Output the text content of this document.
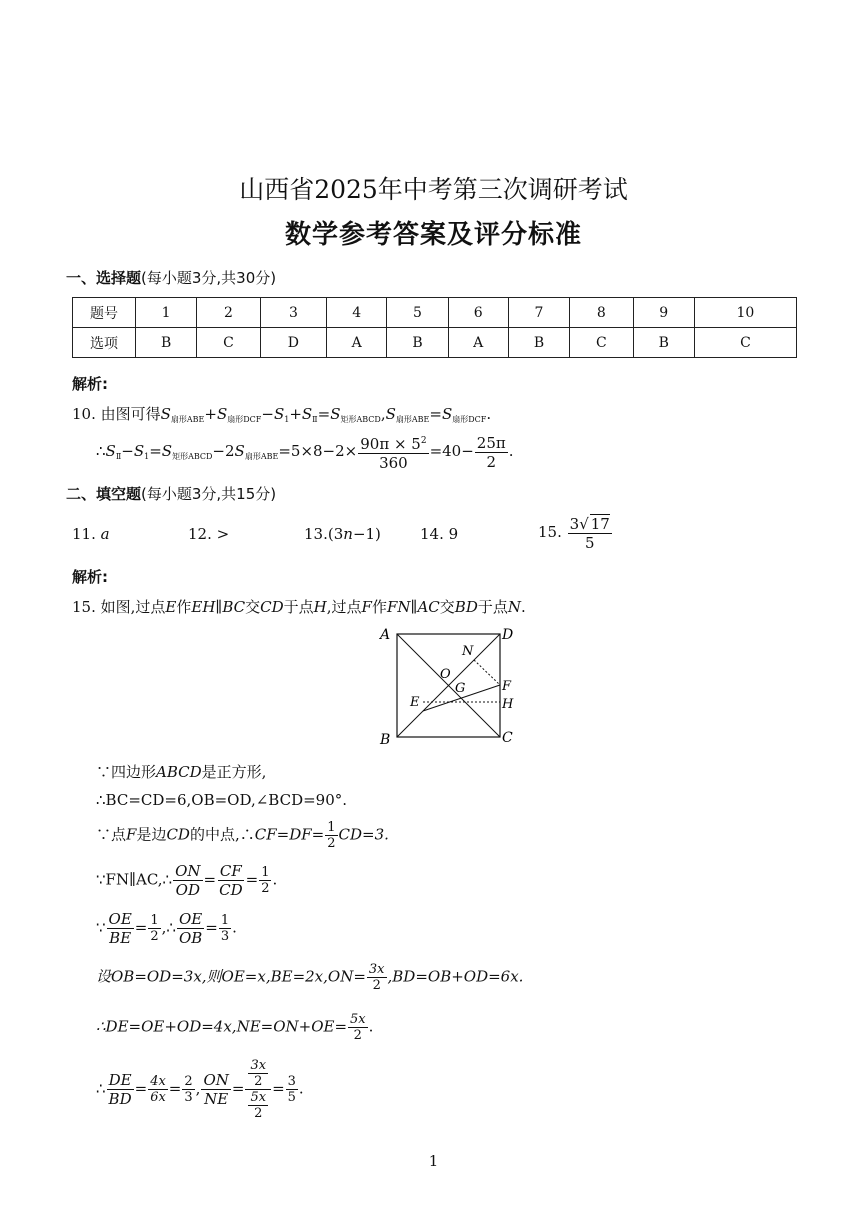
山西省2025年中考第三次调研考试
数学参考答案及评分标准
一、选择题(每小题3分,共30分)
题号	1	2	3	4	5	6	7	8	9	10
选项	B	C	D	A	B	A	B	C	B	C
解析:
10. 由图可得$S_{扇形ABE}+S_{扇形DCF}-S_1+S_Ⅱ=S_{矩形ABCD},S_{扇形ABE}=S_{扇形DCF}$.
$\therefore S_Ⅱ-S_1=S_{矩形ABCD}-2S_{扇形ABE}=5\times 8-2\times \frac{90\pi \times 5^2}{360} =40- \frac{25\pi}{2}$ .
二、填空题(每小题3分,共15分)
11. a	12. >	13.(3n−1)	14. 9	15. $\frac{3√ 17}{5}$
解析:
15. 如图,过点E作EH∥BC交CD于点H,过点F作FN∥AC交BD于点N.
A	D
B	C
N
O
G	F
E	H
∵四边形ABCD是正方形,
∴BC=CD=6,OB=OD,∠BCD=90°.
∵点F是边CD的中点,∴CF=DF= $\frac{1}{2} CD=3$.
∵FN∥AC,∴ $\frac{ON}{OD} = \frac{CF}{CD} = \frac{1}{2}$ .
∵ $\frac{OE}{BE} = \frac{1}{2}$ ,∴ $\frac{OE}{OB} = \frac{1}{3}$ .
设OB=OD=3x,则$OE=x,BE=2x,ON= \frac{3x}{2} ,BD=OB+OD=6x$.
∴DE=OE+OD=4x,NE=ON+OE= $\frac{5x}{2}$ .
∴ $\frac{DE}{BD} = \frac{4x}{6x} = \frac{2}{3}$ , $\frac{ON}{NE} = \frac{\frac{3x}{2}}{\frac{5x}{2}} = \frac{3}{5}$ .
1
